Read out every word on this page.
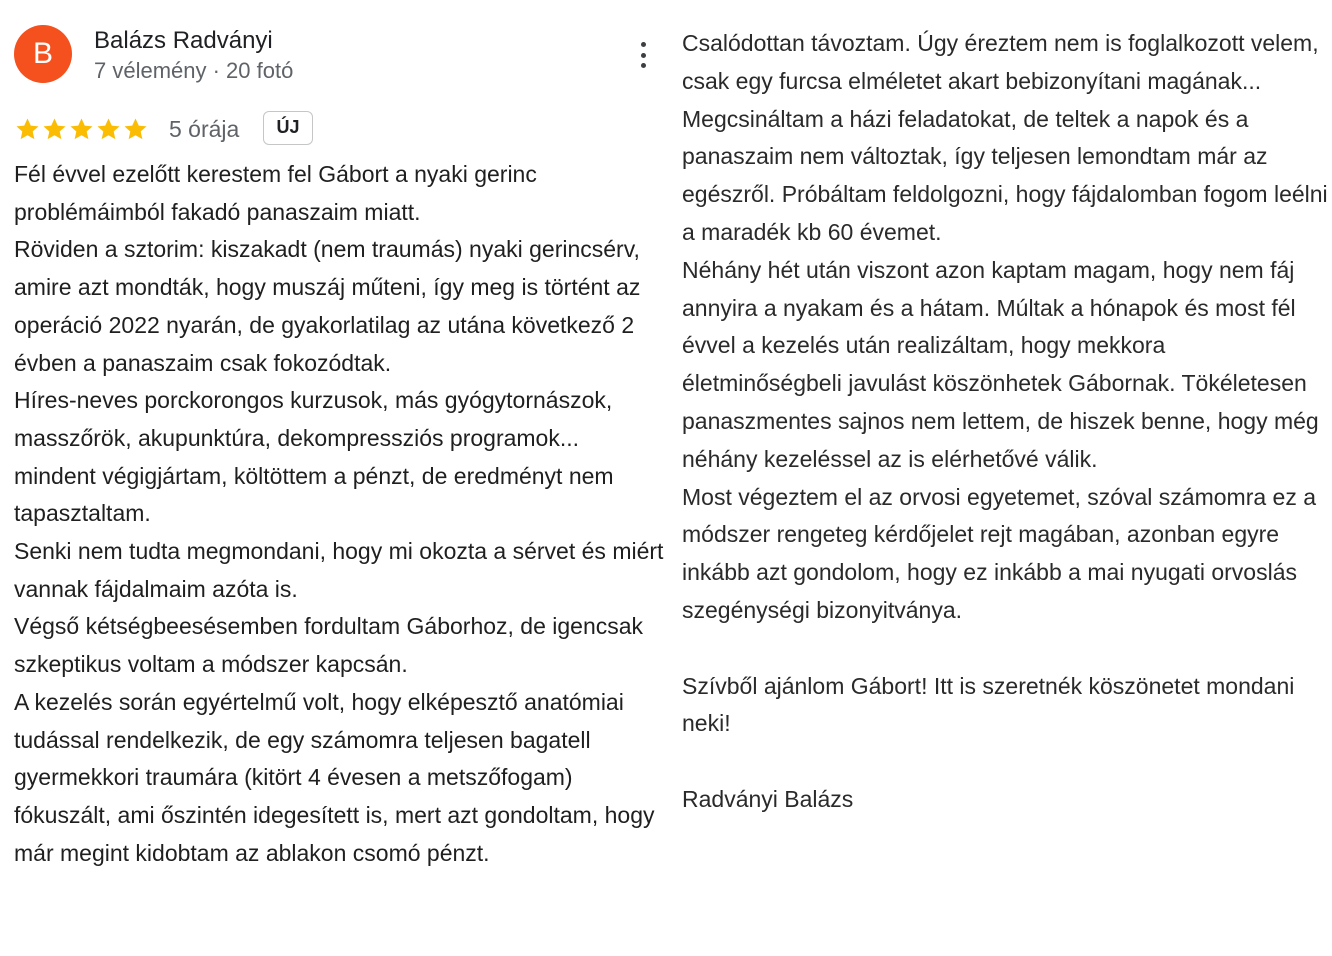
B	Balázs Radványi
7 vélemény · 20 fotó
5 órája	ÚJ

Fél évvel ezelőtt kerestem fel Gábort a nyaki gerinc problémáimból fakadó panaszaim miatt.

Röviden a sztorim: kiszakadt (nem traumás) nyaki gerincsérv, amire azt mondták, hogy muszáj műteni, így meg is történt az operáció 2022 nyarán, de gyakorlatilag az utána következő 2 évben a panaszaim csak fokozódtak.

Híres-neves porckorongos kurzusok, más gyógytornászok, masszőrök, akupunktúra, dekompressziós programok... mindent végigjártam, költöttem a pénzt, de eredményt nem tapasztaltam.

Senki nem tudta megmondani, hogy mi okozta a sérvet és miért vannak fájdalmaim azóta is.

Végső kétségbeesésemben fordultam Gáborhoz, de igencsak szkeptikus voltam a módszer kapcsán.

A kezelés során egyértelmű volt, hogy elképesztő anatómiai tudással rendelkezik, de egy számomra teljesen bagatell gyermekkori traumára (kitört 4 évesen a metszőfogam) fókuszált, ami őszintén idegesített is, mert azt gondoltam, hogy már megint kidobtam az ablakon csomó pénzt.

Csalódottan távoztam. Úgy éreztem nem is foglalkozott velem, csak egy furcsa elméletet akart bebizonyítani magának...

Megcsináltam a házi feladatokat, de teltek a napok és a panaszaim nem változtak, így teljesen lemondtam már az egészről. Próbáltam feldolgozni, hogy fájdalomban fogom leélni a maradék kb 60 évemet.

Néhány hét után viszont azon kaptam magam, hogy nem fáj annyira a nyakam és a hátam. Múltak a hónapok és most fél évvel a kezelés után realizáltam, hogy mekkora életminőségbeli javulást köszönhetek Gábornak. Tökéletesen panaszmentes sajnos nem lettem, de hiszek benne, hogy még néhány kezeléssel az is elérhetővé válik.

Most végeztem el az orvosi egyetemet, szóval számomra ez a módszer rengeteg kérdőjelet rejt magában, azonban egyre inkább azt gondolom, hogy ez inkább a mai nyugati orvoslás szegénységi bizonyitványa.

Szívből ajánlom Gábort! Itt is szeretnék köszönetet mondani neki!

Radványi Balázs
